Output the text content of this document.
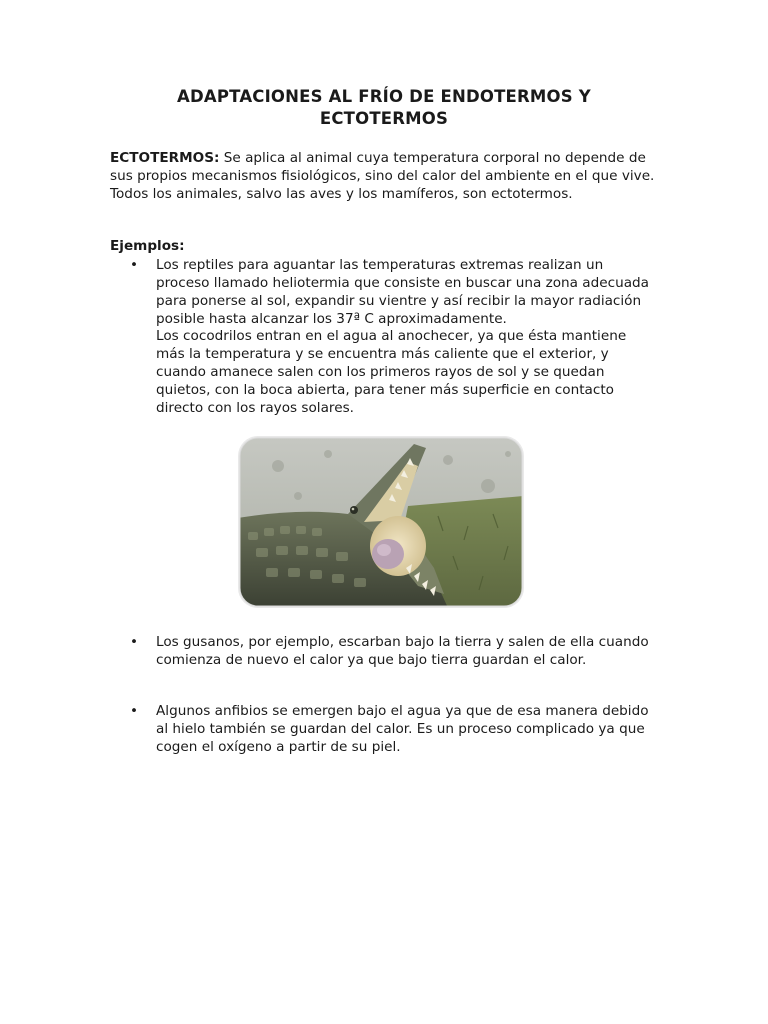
ADAPTACIONES AL FRÍO DE ENDOTERMOS Y
ECTOTERMOS

ECTOTERMOS: Se aplica al animal cuya temperatura corporal no depende de sus propios mecanismos fisiológicos, sino del calor del ambiente en el que vive. Todos los animales, salvo las aves y los mamíferos, son ectotermos.

Ejemplos:

•	Los reptiles para aguantar las temperaturas extremas realizan un proceso llamado heliotermia que consiste en buscar una zona adecuada para ponerse al sol, expandir su vientre y así recibir la mayor radiación posible hasta alcanzar los 37ª C aproximadamente.
Los cocodrilos entran en el agua al anochecer, ya que ésta mantiene más la temperatura y se encuentra más caliente que el exterior, y cuando amanece salen con los primeros rayos de sol y se quedan quietos, con la boca abierta, para tener más superficie en contacto directo con los rayos solares.

•	Los gusanos, por ejemplo, escarban bajo la tierra y salen de ella cuando comienza de nuevo el calor ya que bajo tierra guardan el calor.

•	Algunos anfibios se emergen bajo el agua ya que de esa manera debido al hielo también se guardan del calor. Es un proceso complicado ya que cogen el oxígeno a partir de su piel.
